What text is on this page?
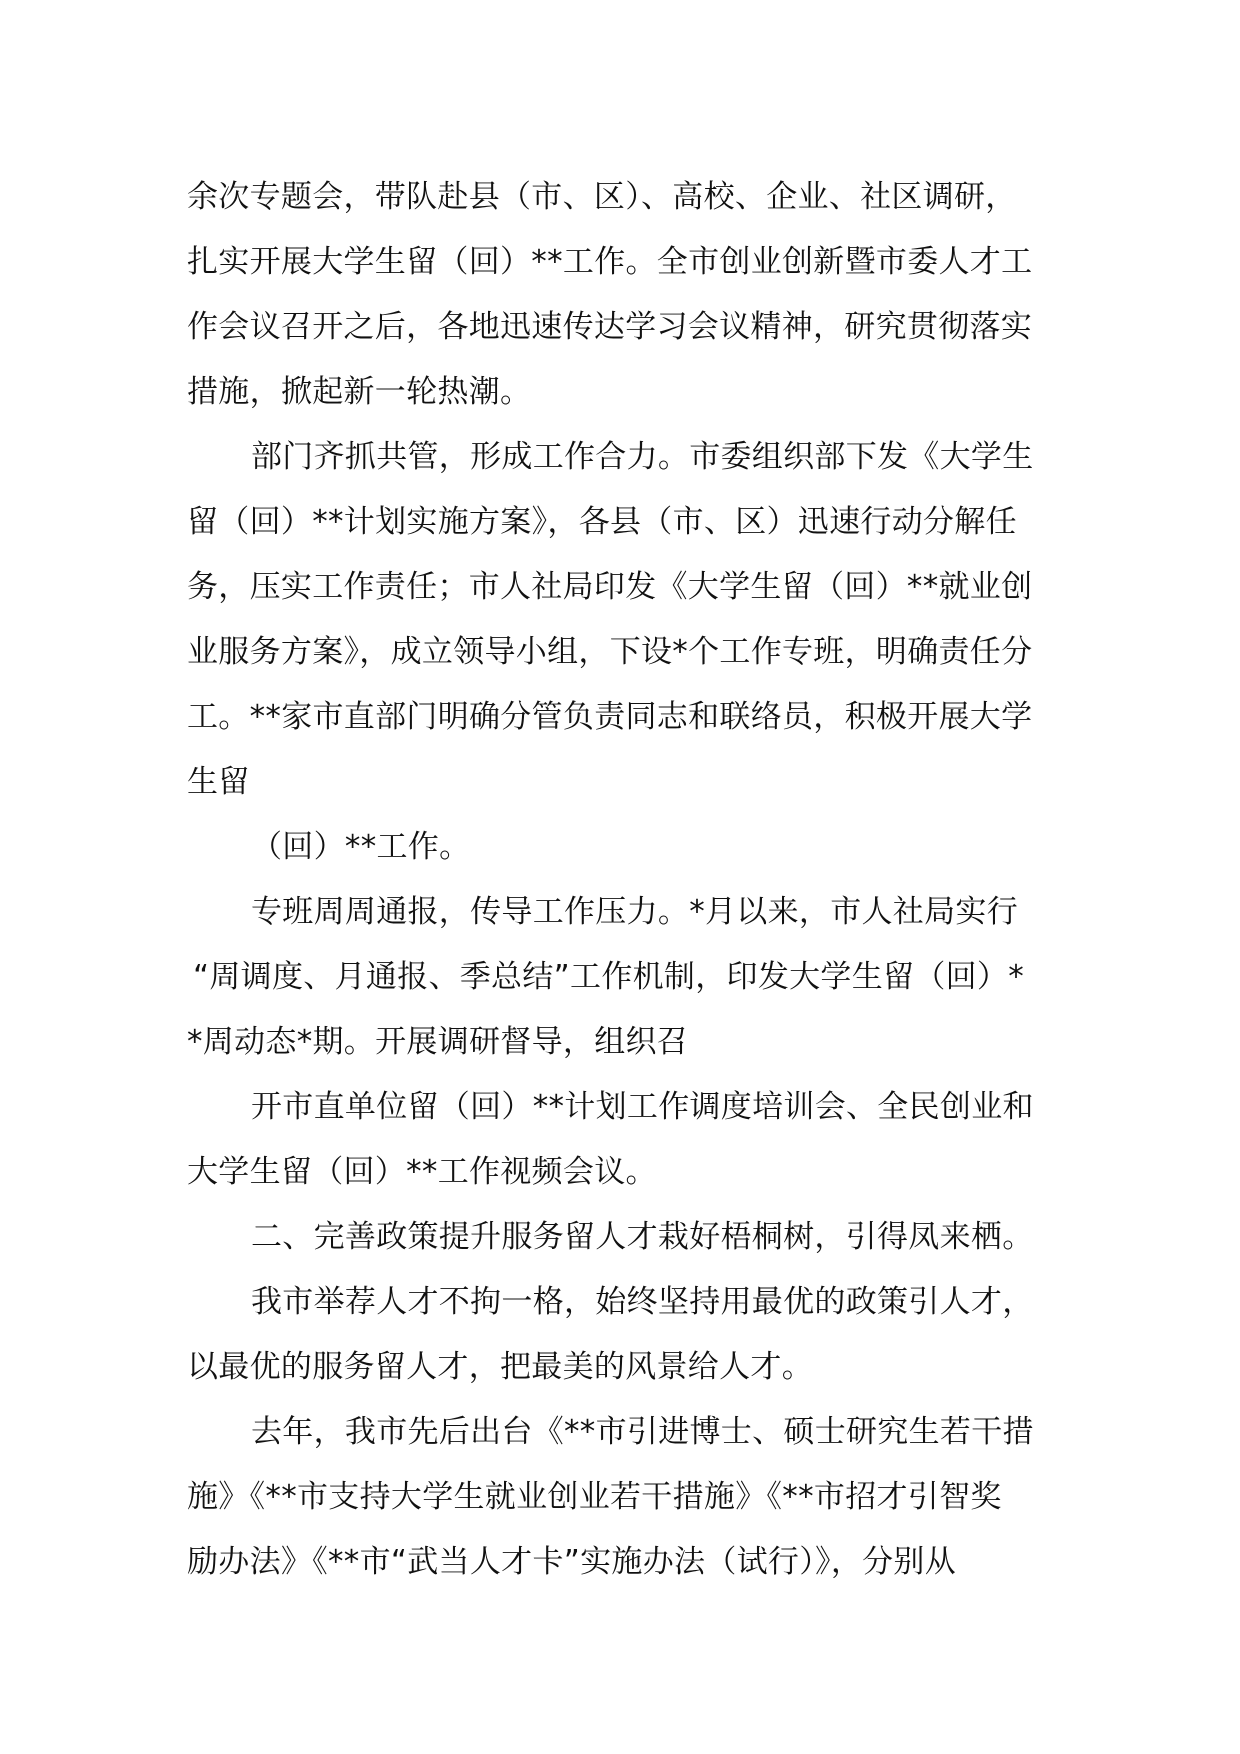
余次专题会，带队赴县（市、区）、高校、企业、社区调研，
扎实开展大学生留（回）**工作。全市创业创新暨市委人才工
作会议召开之后，各地迅速传达学习会议精神，研究贯彻落实
措施，掀起新一轮热潮。
部门齐抓共管，形成工作合力。市委组织部下发《大学生
留（回）**计划实施方案》，各县（市、区）迅速行动分解任
务，压实工作责任；市人社局印发《大学生留（回）**就业创
业服务方案》，成立领导小组，下设*个工作专班，明确责任分
工。**家市直部门明确分管负责同志和联络员，积极开展大学
生留
（回）**工作。
专班周周通报，传导工作压力。*月以来，市人社局实行
“周调度、月通报、季总结”工作机制，印发大学生留（回）*
*周动态*期。开展调研督导，组织召
开市直单位留（回）**计划工作调度培训会、全民创业和
大学生留（回）**工作视频会议。
二、完善政策提升服务留人才栽好梧桐树，引得凤来栖。
我市举荐人才不拘一格，始终坚持用最优的政策引人才，
以最优的服务留人才，把最美的风景给人才。
去年，我市先后出台《**市引进博士、硕士研究生若干措
施》《**市支持大学生就业创业若干措施》《**市招才引智奖
励办法》《**市“武当人才卡”实施办法（试行）》，分别从
